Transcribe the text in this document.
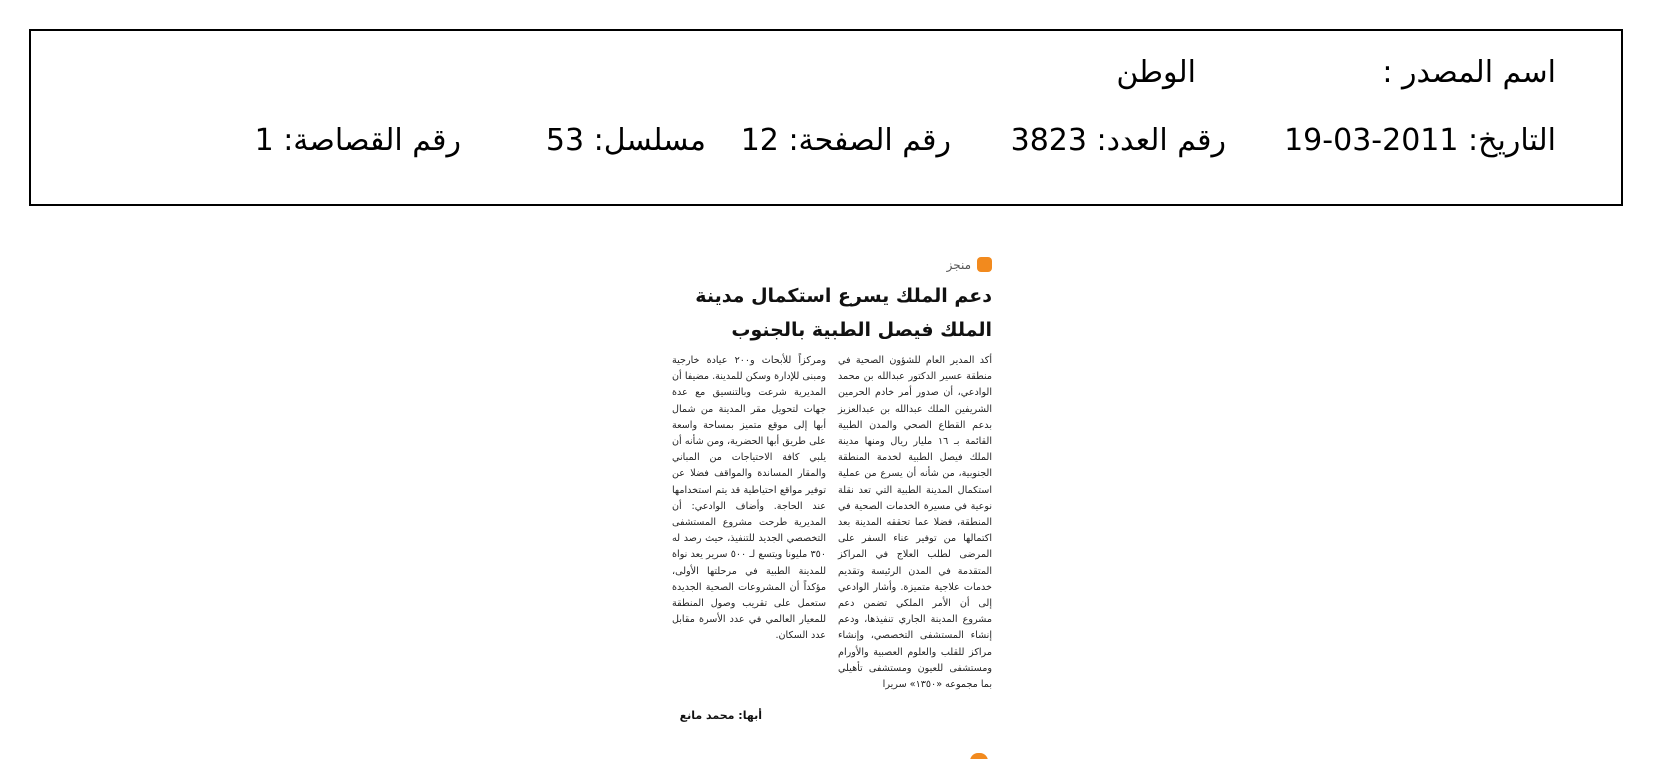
اسم المصدر :
الوطن
التاريخ: 2011-03-19
رقم العدد: 3823
رقم الصفحة: 12
مسلسل: 53
رقم القصاصة: 1
منجز
دعم الملك يسرع استكمال مدينة الملك فيصل الطبية بالجنوب
أكد المدير العام للشؤون الصحية في منطقة عسير الدكتور عبدالله بن محمد الوادعي، أن صدور أمر خادم الحرمين الشريفين الملك عبدالله بن عبدالعزيز بدعم القطاع الصحي والمدن الطبية القائمة بـ ١٦ مليار ريال ومنها مدينة الملك فيصل الطبية لخدمة المنطقة الجنوبية، من شأنه أن يسرع من عملية استكمال المدينة الطبية التي تعد نقلة نوعية في مسيرة الخدمات الصحية في المنطقة، فضلا عما تحققه المدينة بعد اكتمالها من توفير عناء السفر على المرضى لطلب العلاج في المراكز المتقدمة في المدن الرئيسة وتقديم خدمات علاجية متميزة. وأشار الوادعي إلى أن الأمر الملكي تضمن دعم مشروع المدينة الجاري تنفيذها، ودعم إنشاء المستشفى التخصصي، وإنشاء مراكز للقلب والعلوم العصبية والأورام ومستشفى للعيون ومستشفى تأهيلي بما مجموعه «١٣٥٠» سريرا
ومركزاً للأبحاث و٢٠٠ عيادة خارجية ومبنى للإدارة وسكن للمدينة. مضيفا أن المديرية شرعت وبالتنسيق مع عدة جهات لتحويل مقر المدينة من شمال أبها إلى موقع متميز بمساحة واسعة على طريق أبها الحضرية، ومن شأنه أن يلبي كافة الاحتياجات من المباني والمقار المساندة والمواقف فضلا عن توفير مواقع احتياطية قد يتم استخدامها عند الحاجة. وأضاف الوادعي: أن المديرية طرحت مشروع المستشفى التخصصي الجديد للتنفيذ، حيث رصد له ٣٥٠ مليونا ويتسع لـ ٥٠٠ سرير يعد نواة للمدينة الطبية في مرحلتها الأولى، مؤكداً أن المشروعات الصحية الجديدة ستعمل على تقريب وصول المنطقة للمعيار العالمي في عدد الأسرة مقابل عدد السكان.
أبها: محمد مانع
